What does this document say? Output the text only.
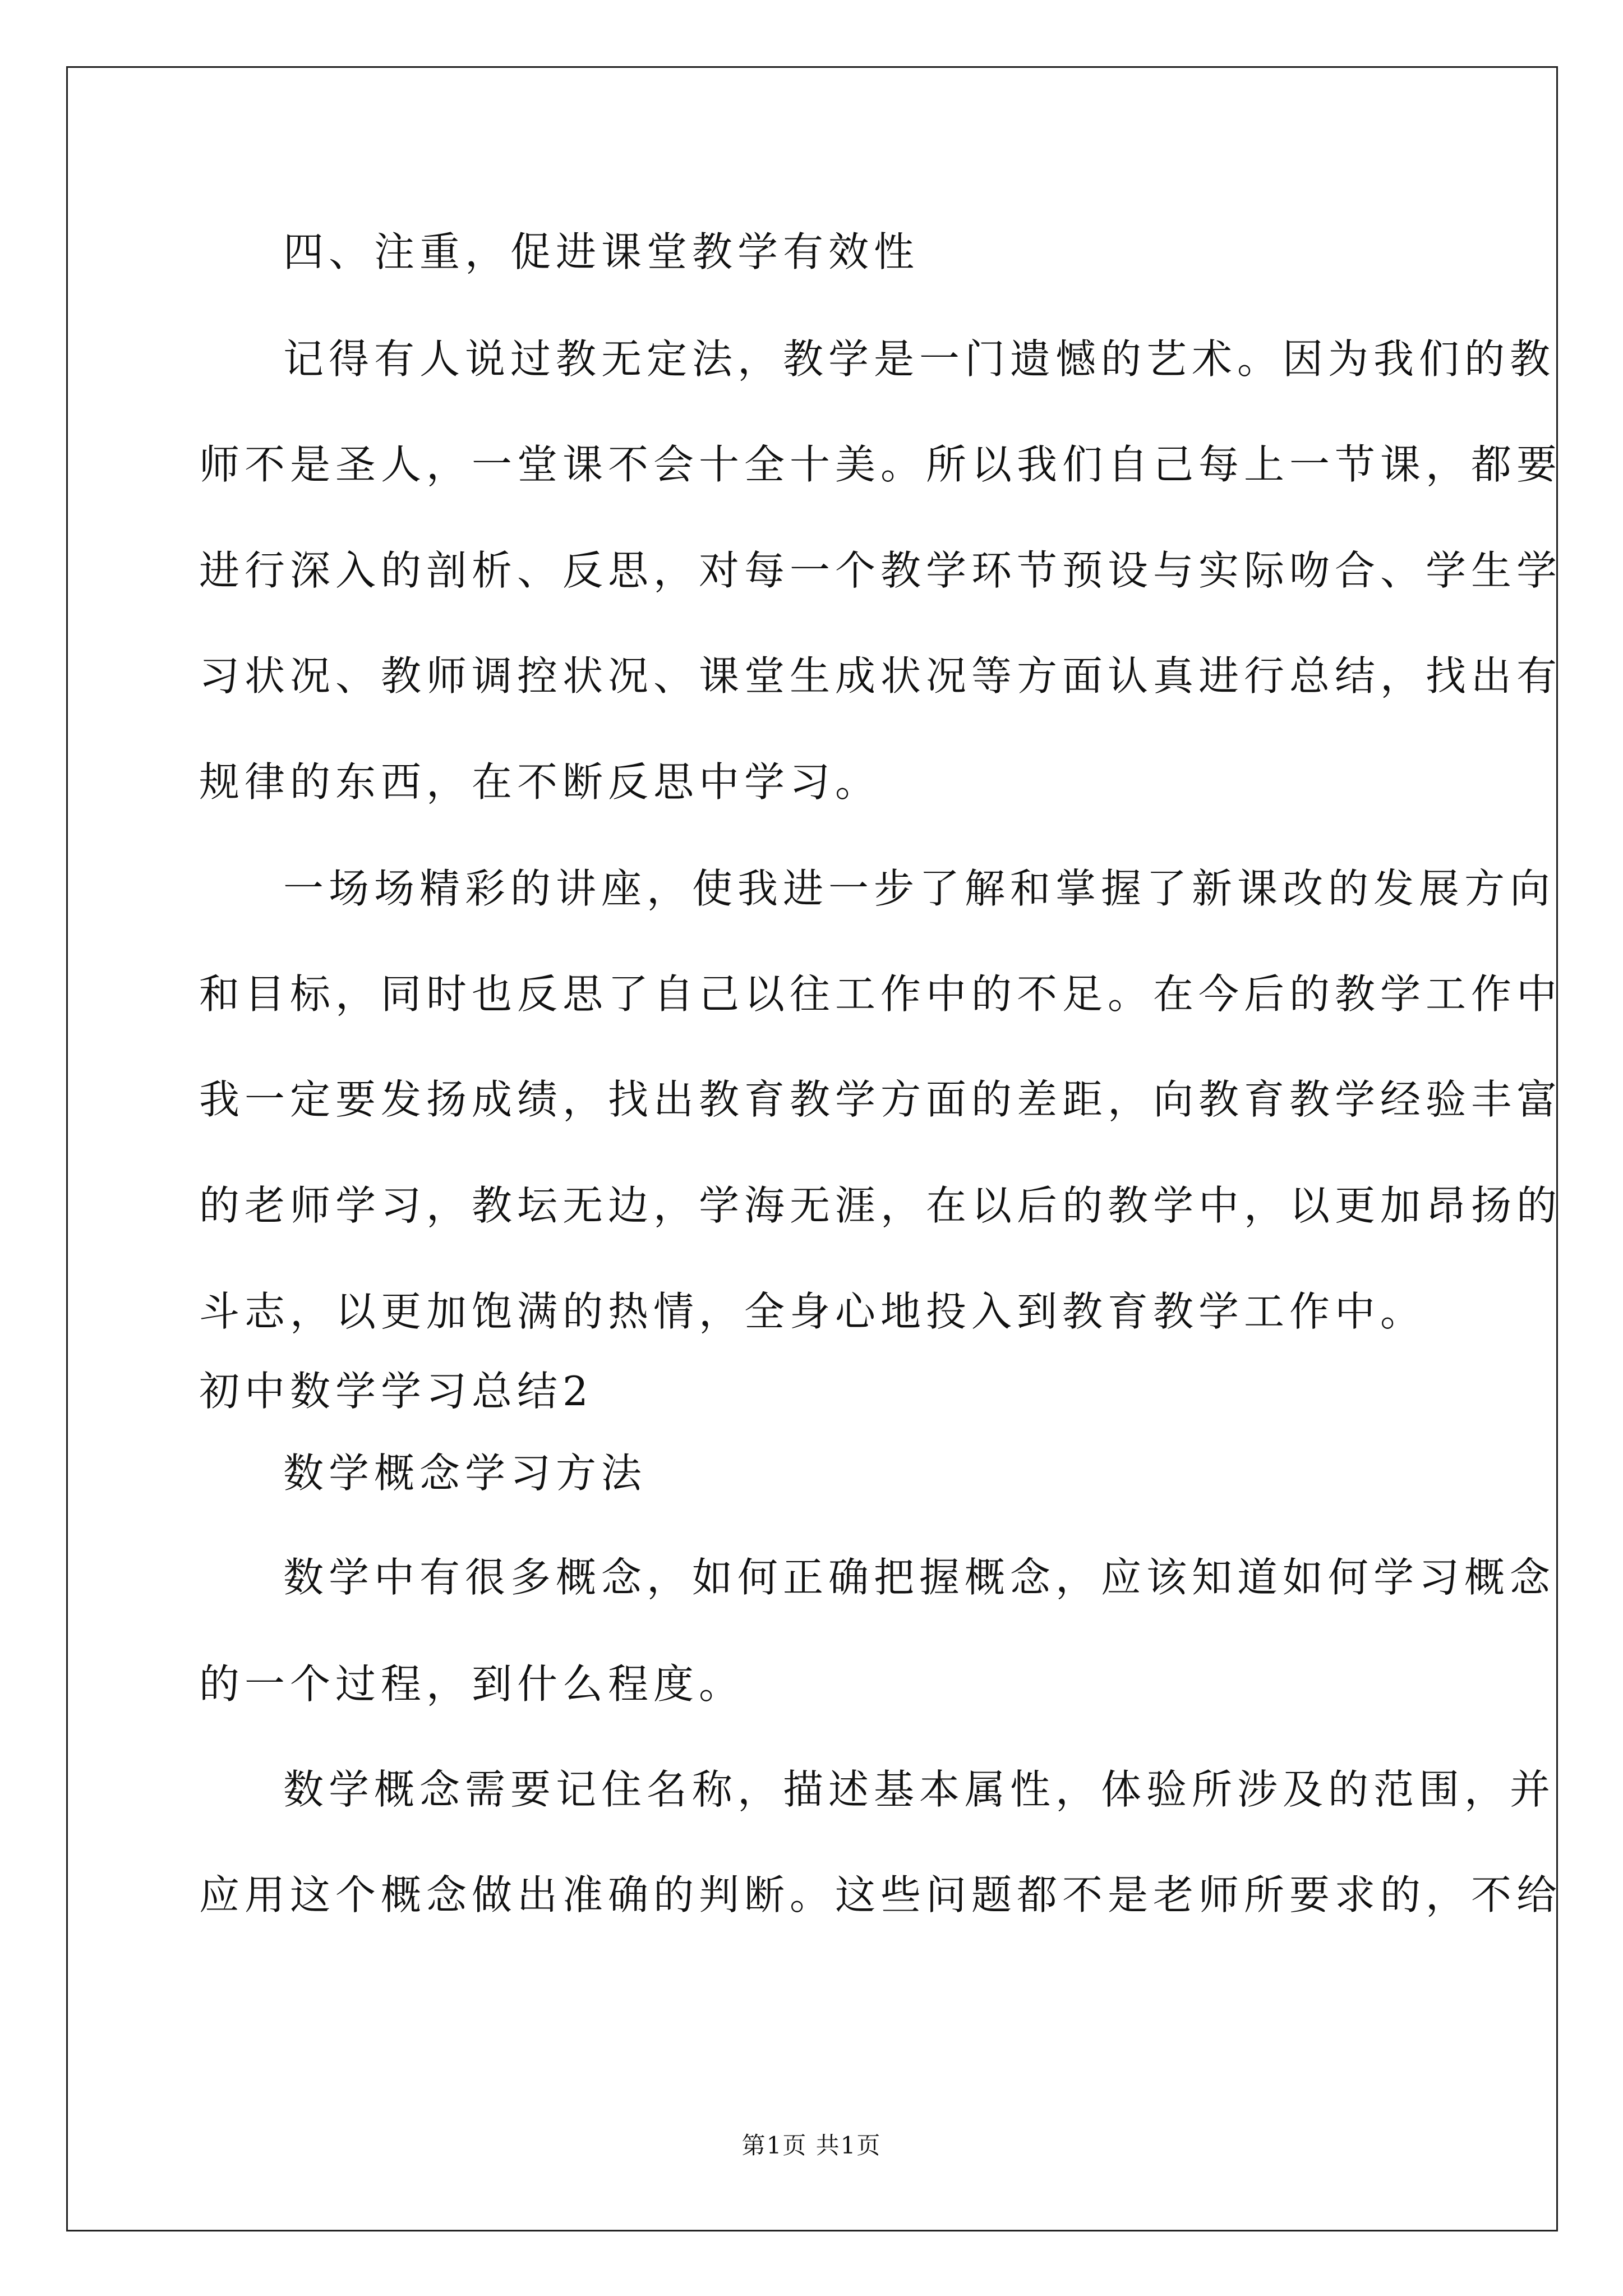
四、注重，促进课堂教学有效性
记得有人说过教无定法，教学是一门遗憾的艺术。因为我们的教
师不是圣人，一堂课不会十全十美。所以我们自己每上一节课，都要
进行深入的剖析、反思，对每一个教学环节预设与实际吻合、学生学
习状况、教师调控状况、课堂生成状况等方面认真进行总结，找出有
规律的东西，在不断反思中学习。
一场场精彩的讲座，使我进一步了解和掌握了新课改的发展方向
和目标，同时也反思了自己以往工作中的不足。在今后的教学工作中
我一定要发扬成绩，找出教育教学方面的差距，向教育教学经验丰富
的老师学习，教坛无边，学海无涯，在以后的教学中，以更加昂扬的
斗志，以更加饱满的热情，全身心地投入到教育教学工作中。
初中数学学习总结2
数学概念学习方法
数学中有很多概念，如何正确把握概念，应该知道如何学习概念
的一个过程，到什么程度。
数学概念需要记住名称，描述基本属性，体验所涉及的范围，并
应用这个概念做出准确的判断。这些问题都不是老师所要求的，不给
第1页 共1页
